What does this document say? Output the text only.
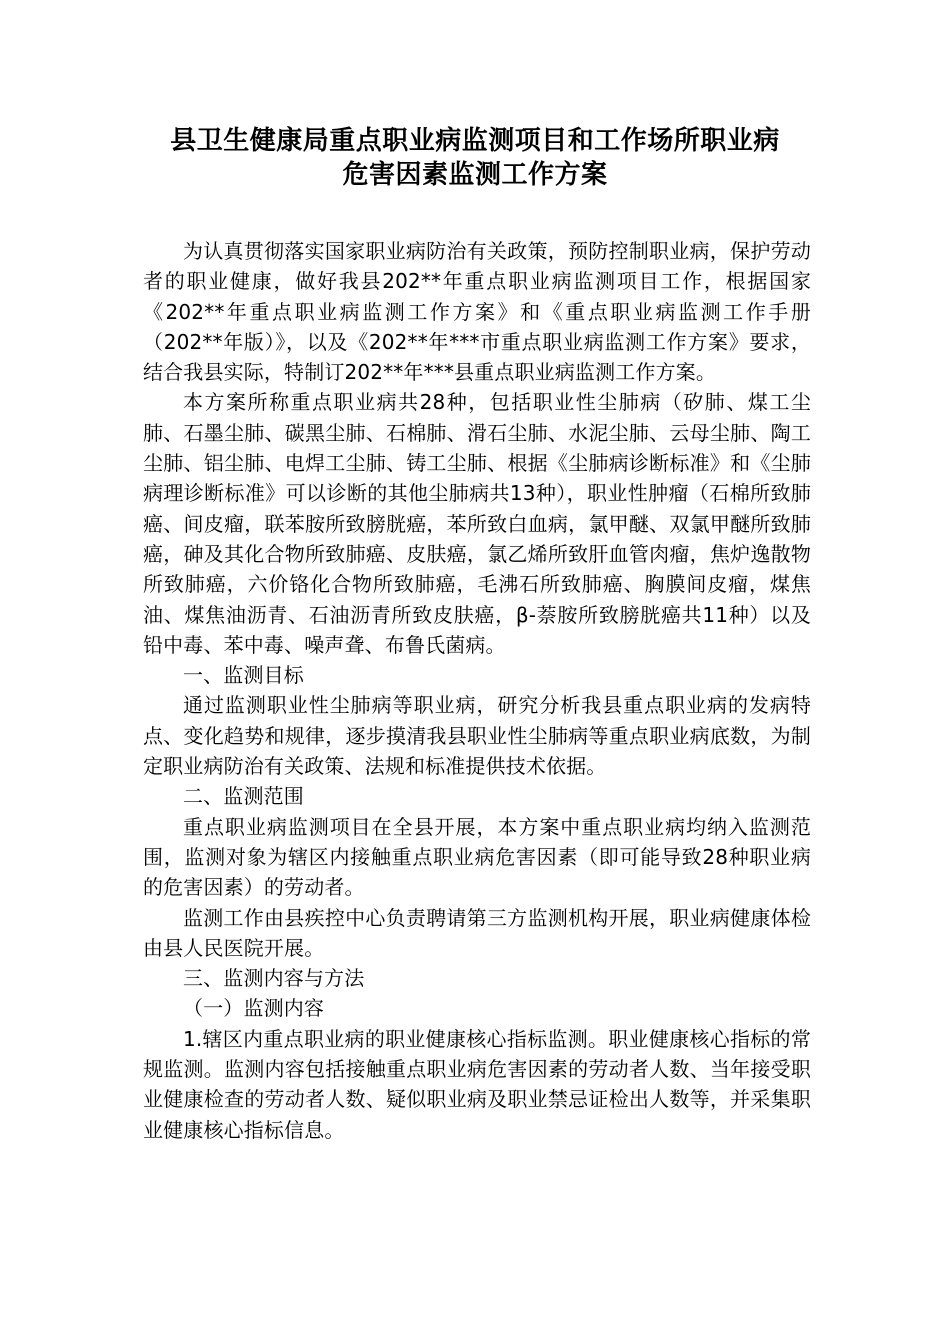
县卫生健康局重点职业病监测项目和工作场所职业病
危害因素监测工作方案

为认真贯彻落实国家职业病防治有关政策，预防控制职业病，保护劳动者的职业健康，做好我县202**年重点职业病监测项目工作，根据国家《202**年重点职业病监测工作方案》和《重点职业病监测工作手册（202**年版）》，以及《202**年***市重点职业病监测工作方案》要求，结合我县实际，特制订202**年***县重点职业病监测工作方案。

本方案所称重点职业病共28种，包括职业性尘肺病（矽肺、煤工尘肺、石墨尘肺、碳黑尘肺、石棉肺、滑石尘肺、水泥尘肺、云母尘肺、陶工尘肺、铝尘肺、电焊工尘肺、铸工尘肺、根据《尘肺病诊断标准》和《尘肺病理诊断标准》可以诊断的其他尘肺病共13种），职业性肿瘤（石棉所致肺癌、间皮瘤，联苯胺所致膀胱癌，苯所致白血病，氯甲醚、双氯甲醚所致肺癌，砷及其化合物所致肺癌、皮肤癌，氯乙烯所致肝血管肉瘤，焦炉逸散物所致肺癌，六价铬化合物所致肺癌，毛沸石所致肺癌、胸膜间皮瘤，煤焦油、煤焦油沥青、石油沥青所致皮肤癌，β-萘胺所致膀胱癌共11种）以及铅中毒、苯中毒、噪声聋、布鲁氏菌病。

一、监测目标

通过监测职业性尘肺病等职业病，研究分析我县重点职业病的发病特点、变化趋势和规律，逐步摸清我县职业性尘肺病等重点职业病底数，为制定职业病防治有关政策、法规和标准提供技术依据。

二、监测范围

重点职业病监测项目在全县开展，本方案中重点职业病均纳入监测范围，监测对象为辖区内接触重点职业病危害因素（即可能导致28种职业病的危害因素）的劳动者。

监测工作由县疾控中心负责聘请第三方监测机构开展，职业病健康体检由县人民医院开展。

三、监测内容与方法

（一）监测内容

1.辖区内重点职业病的职业健康核心指标监测。职业健康核心指标的常规监测。监测内容包括接触重点职业病危害因素的劳动者人数、当年接受职业健康检查的劳动者人数、疑似职业病及职业禁忌证检出人数等，并采集职业健康核心指标信息。
